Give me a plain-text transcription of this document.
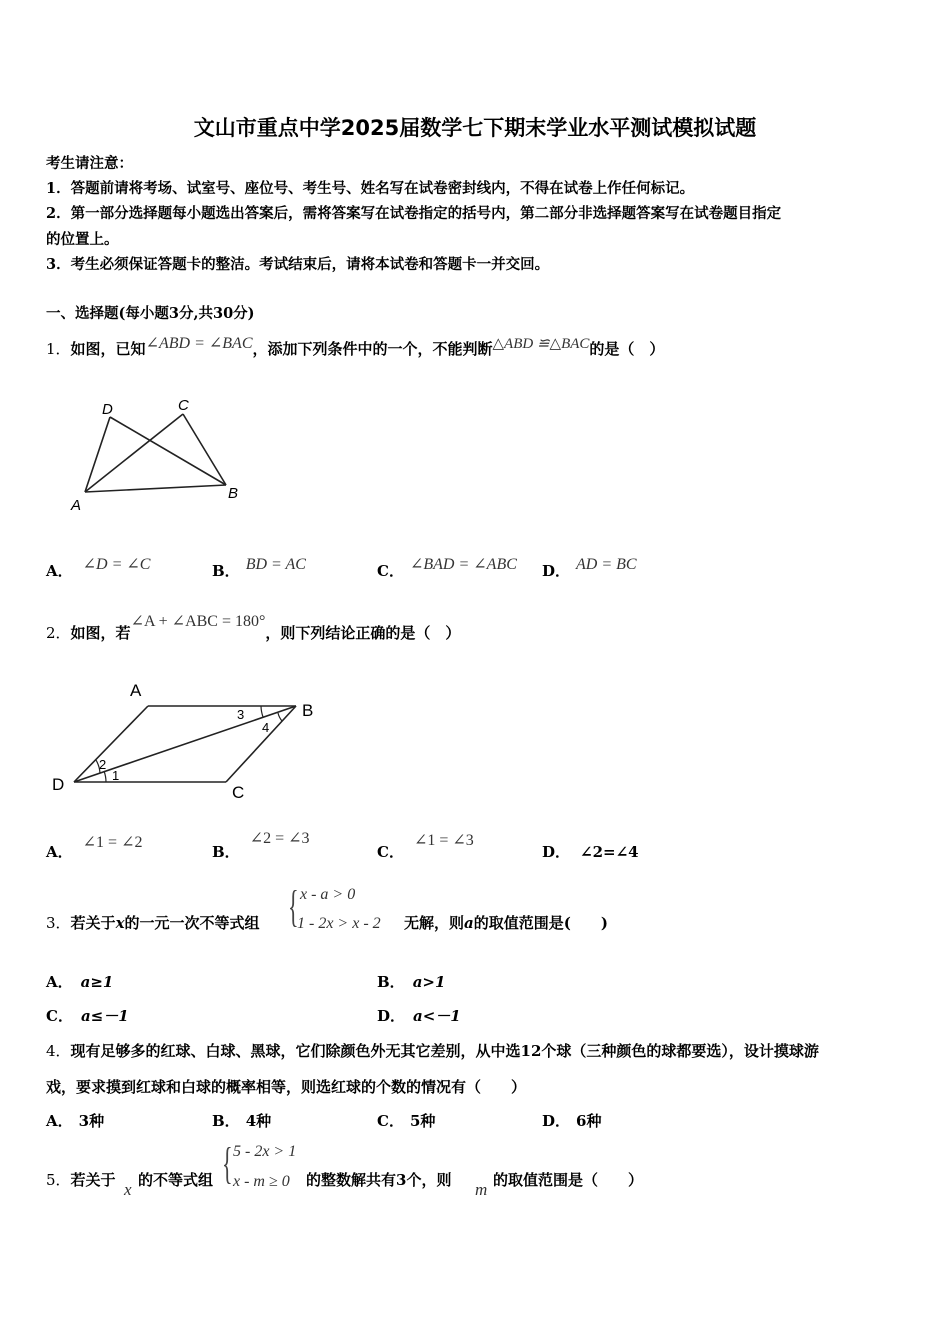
文山市重点中学2025届数学七下期末学业水平测试模拟试题
考生请注意：
1．答题前请将考场、试室号、座位号、考生号、姓名写在试卷密封线内，不得在试卷上作任何标记。
2．第一部分选择题每小题选出答案后，需将答案写在试卷指定的括号内，第二部分非选择题答案写在试卷题目指定
的位置上。
3．考生必须保证答题卡的整洁。考试结束后，请将本试卷和答题卡一并交回。
一、选择题(每小题3分,共30分)
1．如图，已知∠ABD = ∠BAC，添加下列条件中的一个，不能判断△ABD ≌△BAC的是（　）
D	C
A
B
A． ∠D = ∠C	B． BD = AC	C． ∠BAD = ∠ABC D． AD = BC
2．如图，若∠A + ∠ABC = 180°，则下列结论正确的是（　）
A
B
C
D	1
2
3
4
A．∠1 = ∠2
B．∠2 = ∠3
C．∠1 = ∠3
D． ∠2=∠4
3．若关于x的一元一次不等式组 { x - a > 0
1 - 2x > x - 2 无解，则a的取值范围是(　　)
A． a≥1	B． a>1
C． a≤－1	D． a<－1
4．现有足够多的红球、白球、黑球，它们除颜色外无其它差别，从中选12个球（三种颜色的球都要选），设计摸球游
戏，要求摸到红球和白球的概率相等，则选红球的个数的情况有（　　）
A． 3种	B． 4种	C． 5种	D． 6种
5．若关于 x 的不等式组 { 5 - 2x > 1
x - m ≥ 0 的整数解共有3个，则 m 的取值范围是（　　）
